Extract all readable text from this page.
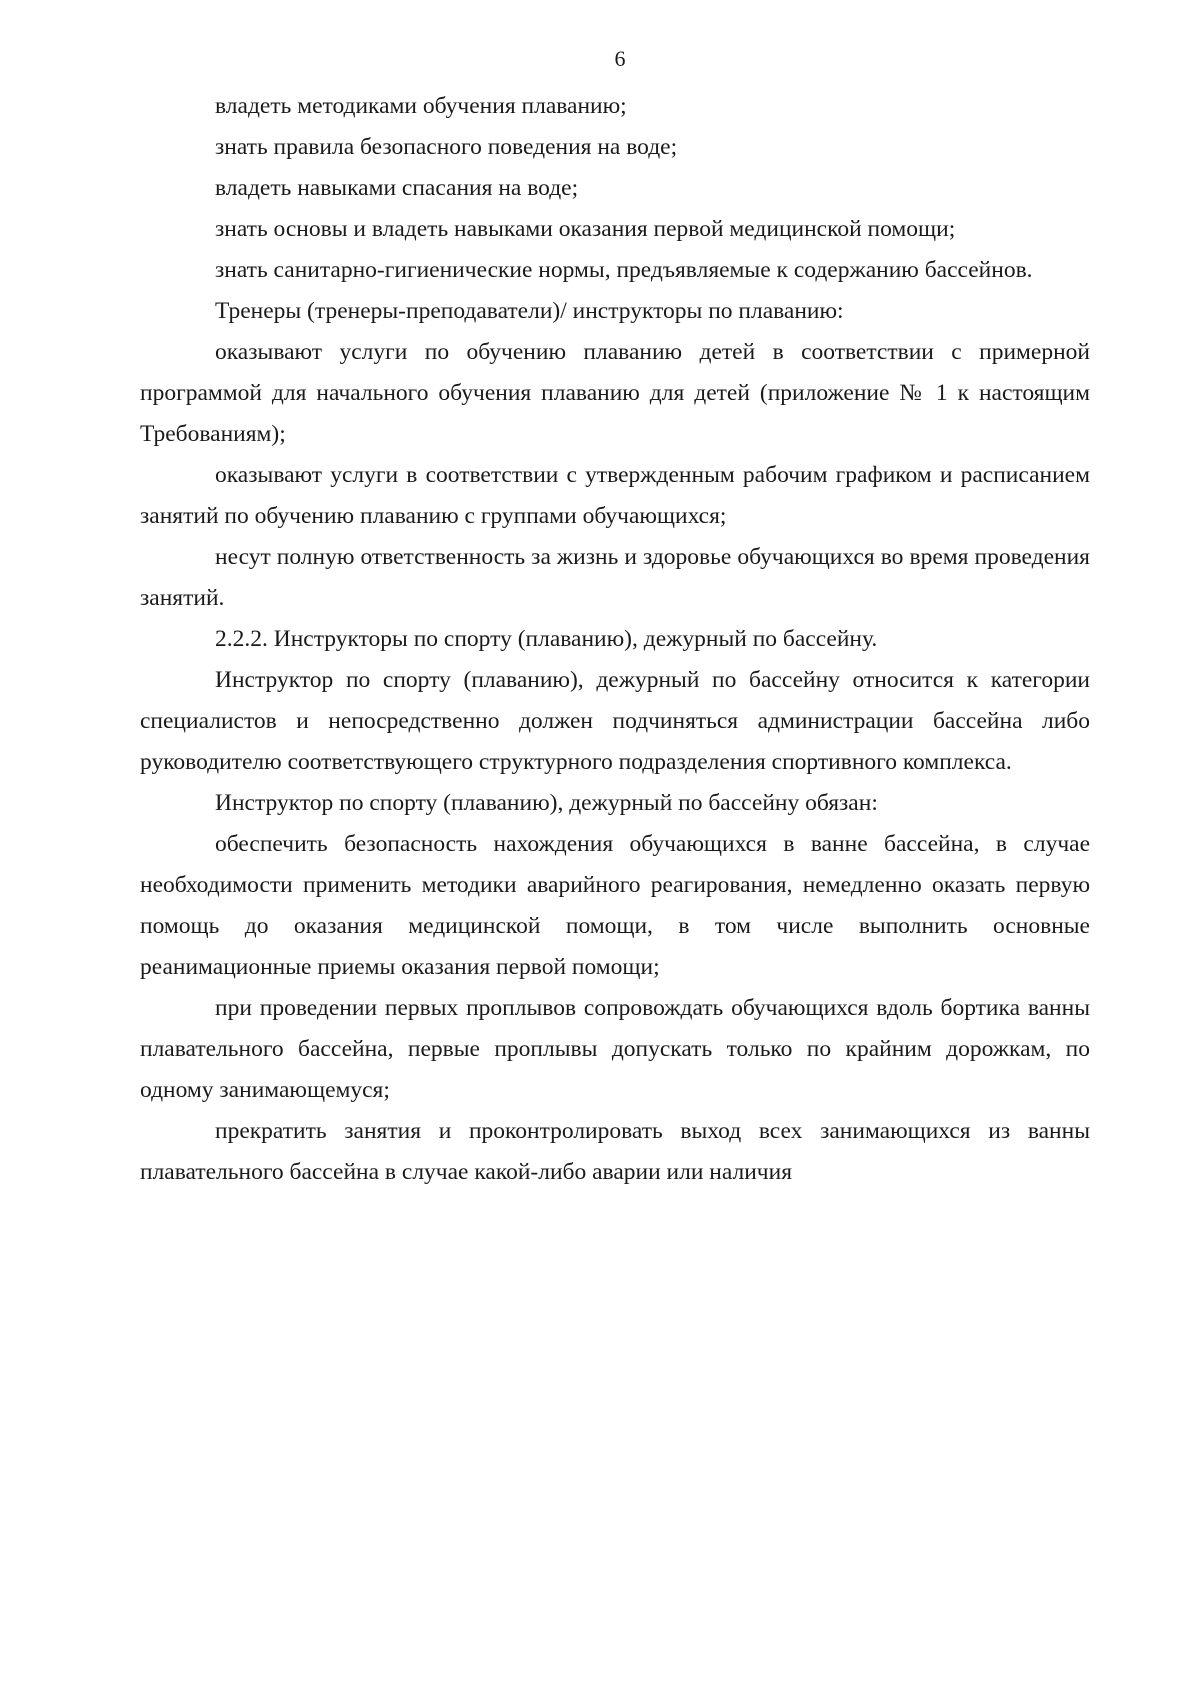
6

владеть методиками обучения плаванию;

знать правила безопасного поведения на воде;

владеть навыками спасания на воде;

знать основы и владеть навыками оказания первой медицинской помощи;

знать санитарно-гигиенические нормы, предъявляемые к содержанию бассейнов.

Тренеры (тренеры-преподаватели)/ инструкторы по плаванию:

оказывают услуги по обучению плаванию детей в соответствии с примерной программой для начального обучения плаванию для детей (приложение № 1 к настоящим Требованиям);

оказывают услуги в соответствии с утвержденным рабочим графиком и расписанием занятий по обучению плаванию с группами обучающихся;

несут полную ответственность за жизнь и здоровье обучающихся во время проведения занятий.

2.2.2. Инструкторы по спорту (плаванию), дежурный по бассейну.

Инструктор по спорту (плаванию), дежурный по бассейну относится к категории специалистов и непосредственно должен подчиняться администрации бассейна либо руководителю соответствующего структурного подразделения спортивного комплекса.

Инструктор по спорту (плаванию), дежурный по бассейну обязан:

обеспечить безопасность нахождения обучающихся в ванне бассейна, в случае необходимости применить методики аварийного реагирования, немедленно оказать первую помощь до оказания медицинской помощи, в том числе выполнить основные реанимационные приемы оказания первой помощи;

при проведении первых проплывов сопровождать обучающихся вдоль бортика ванны плавательного бассейна, первые проплывы допускать только по крайним дорожкам, по одному занимающемуся;

прекратить занятия и проконтролировать выход всех занимающихся из ванны плавательного бассейна в случае какой-либо аварии или наличия
